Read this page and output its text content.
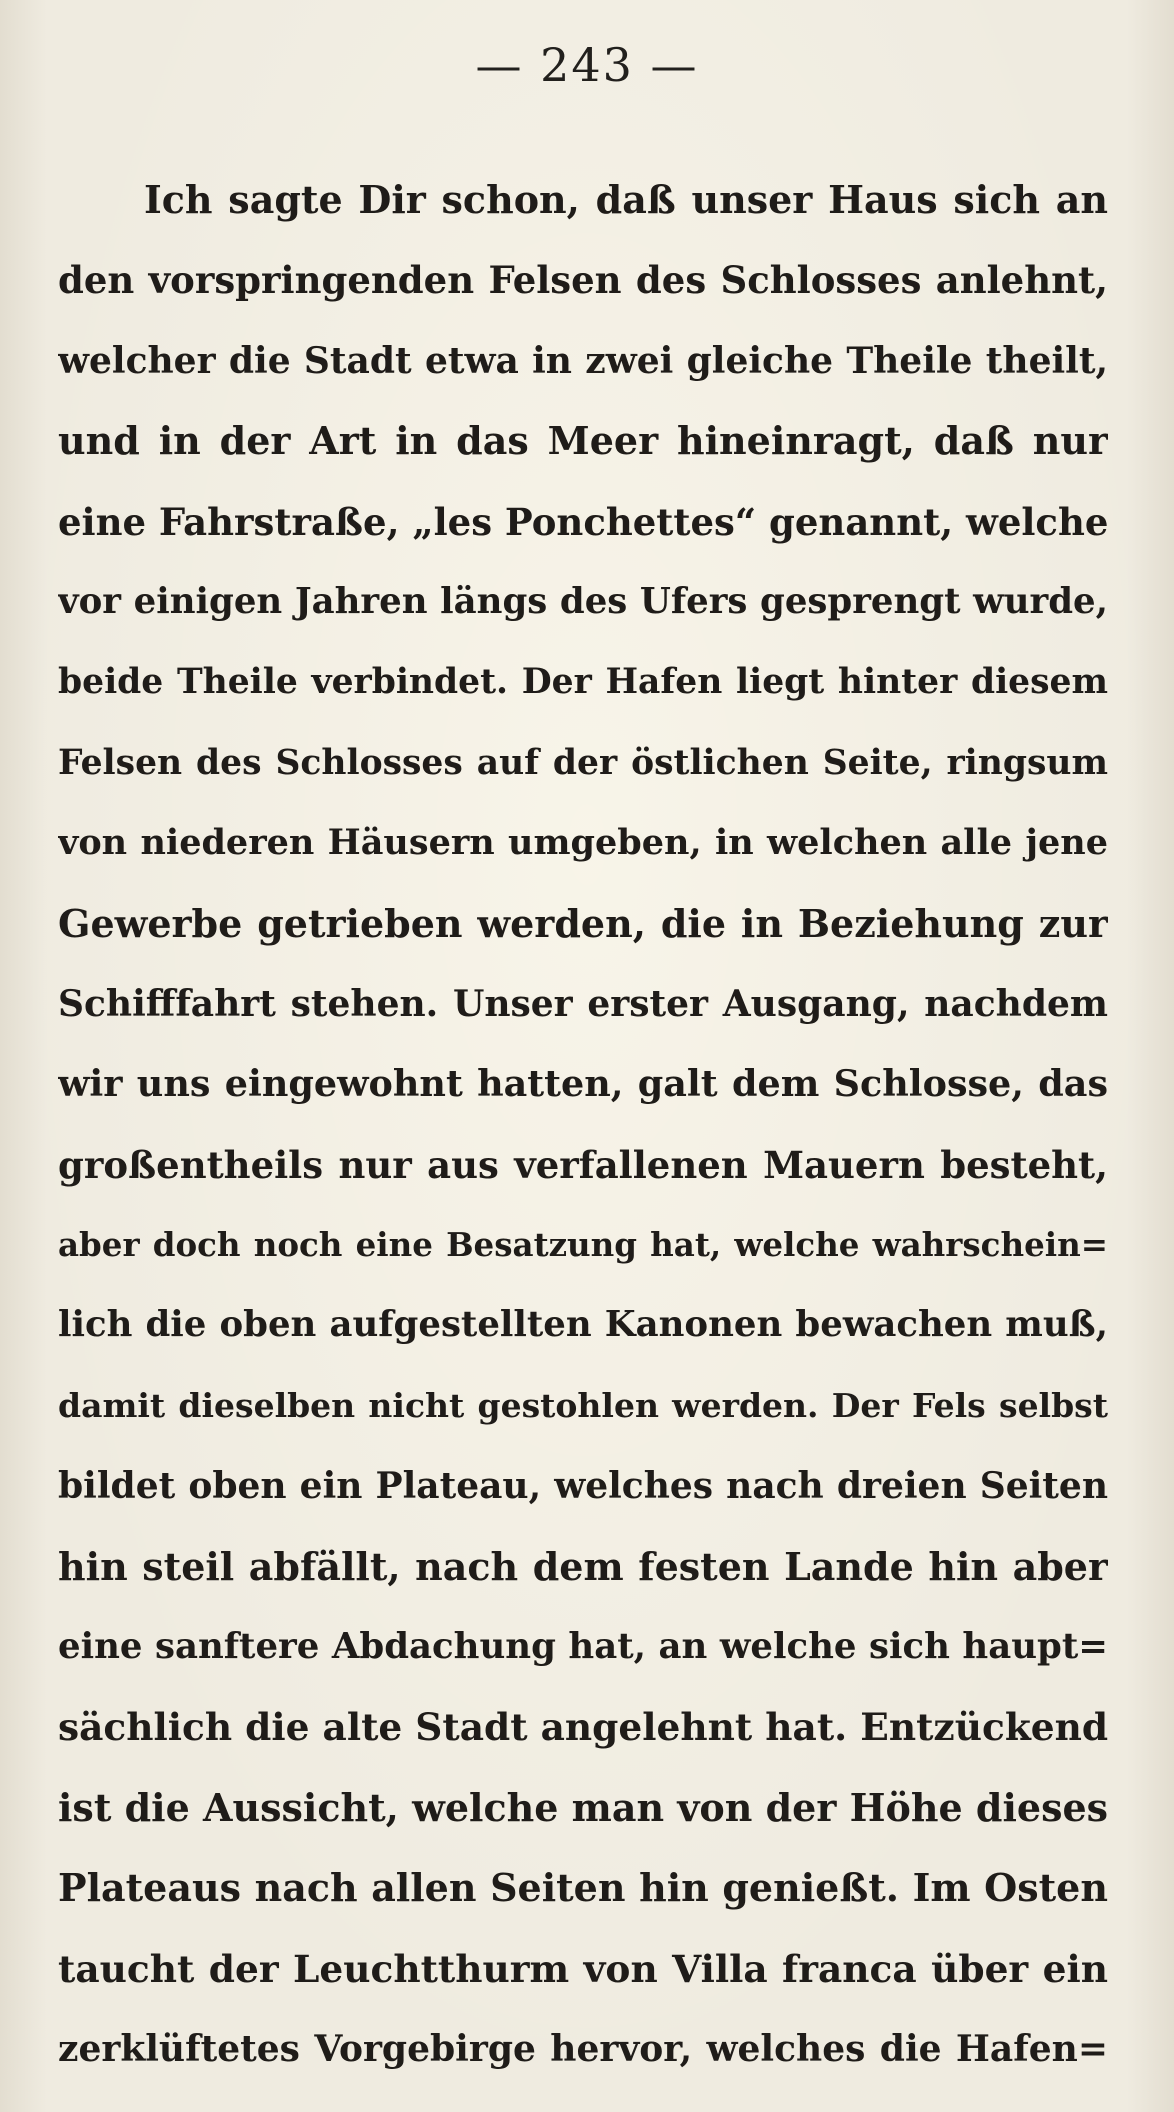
— 243 —
Ich sagte Dir schon, daß unser Haus sich an
den vorspringenden Felsen des Schlosses anlehnt,
welcher die Stadt etwa in zwei gleiche Theile theilt,
und in der Art in das Meer hineinragt, daß nur
eine Fahrstraße, „les Ponchettes“ genannt, welche
vor einigen Jahren längs des Ufers gesprengt wurde,
beide Theile verbindet. Der Hafen liegt hinter diesem
Felsen des Schlosses auf der östlichen Seite, ringsum
von niederen Häusern umgeben, in welchen alle jene
Gewerbe getrieben werden, die in Beziehung zur
Schifffahrt stehen. Unser erster Ausgang, nachdem
wir uns eingewohnt hatten, galt dem Schlosse, das
großentheils nur aus verfallenen Mauern besteht,
aber doch noch eine Besatzung hat, welche wahrschein=
lich die oben aufgestellten Kanonen bewachen muß,
damit dieselben nicht gestohlen werden. Der Fels selbst
bildet oben ein Plateau, welches nach dreien Seiten
hin steil abfällt, nach dem festen Lande hin aber
eine sanftere Abdachung hat, an welche sich haupt=
sächlich die alte Stadt angelehnt hat. Entzückend
ist die Aussicht, welche man von der Höhe dieses
Plateaus nach allen Seiten hin genießt. Im Osten
taucht der Leuchtthurm von Villa franca über ein
zerklüftetes Vorgebirge hervor, welches die Hafen=
